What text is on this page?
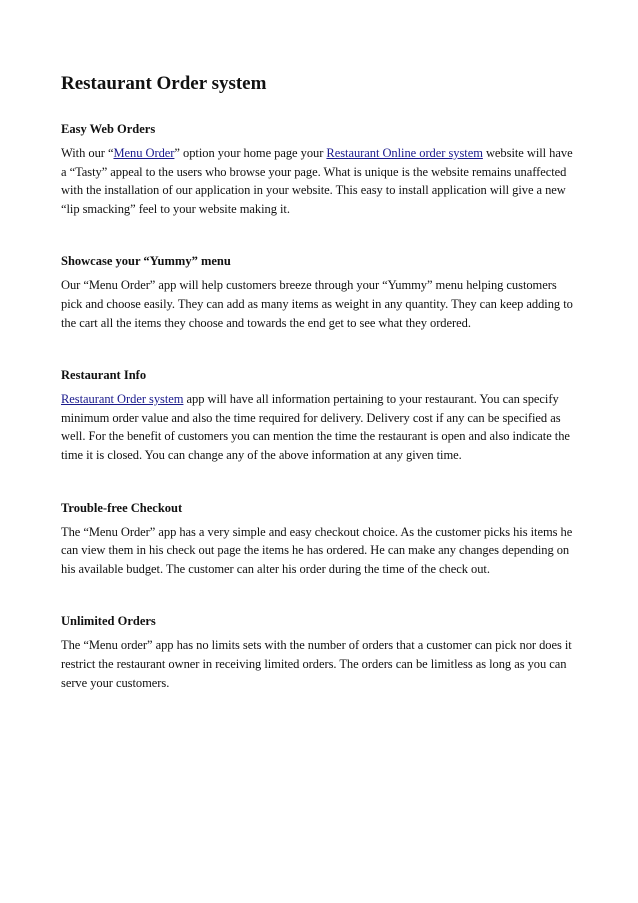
Restaurant Order system
Easy Web Orders

With our “Menu Order” option your home page your Restaurant Online order system website will have a “Tasty” appeal to the users who browse your page. What is unique is the website remains unaffected with the installation of our application in your website. This easy to install application will give a new “lip smacking” feel to your website making it.

Showcase your “Yummy” menu

Our “Menu Order” app will help customers breeze through your “Yummy” menu helping customers pick and choose easily. They can add as many items as weight in any quantity. They can keep adding to the cart all the items they choose and towards the end get to see what they ordered.

Restaurant Info

Restaurant Order system app will have all information pertaining to your restaurant. You can specify minimum order value and also the time required for delivery. Delivery cost if any can be specified as well. For the benefit of customers you can mention the time the restaurant is open and also indicate the time it is closed. You can change any of the above information at any given time.

Trouble-free Checkout

The “Menu Order” app has a very simple and easy checkout choice. As the customer picks his items he can view them in his check out page the items he has ordered. He can make any changes depending on his available budget. The customer can alter his order during the time of the check out.

Unlimited Orders

The “Menu order” app has no limits sets with the number of orders that a customer can pick nor does it restrict the restaurant owner in receiving limited orders. The orders can be limitless as long as you can serve your customers.
